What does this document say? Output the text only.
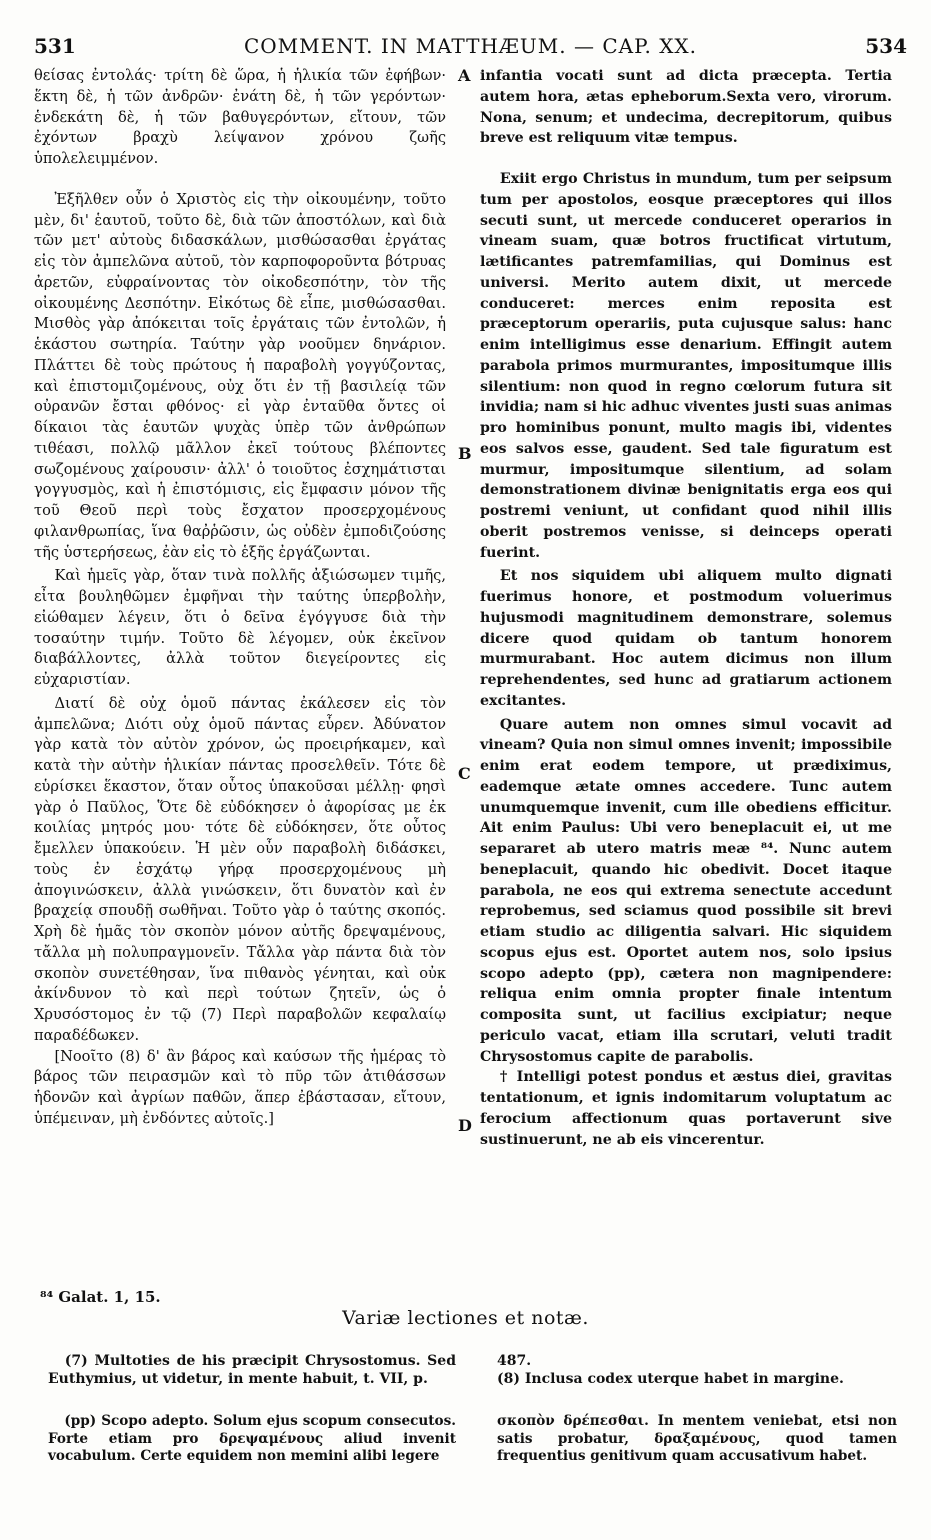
531	COMMENT. IN MATTHÆUM. — CAP. XX.	534

θείσας ἐντολάς· τρίτη δὲ ὥρα, ἡ ἡλικία τῶν ἐφήβων· ἕκτη δὲ, ἡ τῶν ἀνδρῶν· ἐνάτη δὲ, ἡ τῶν γερόντων· ἑνδεκάτη δὲ, ἡ τῶν βαθυγερόντων, εἴτουν, τῶν ἐχόντων βραχὺ λείψανον χρόνου ζωῆς ὑπολελειμμένον.

Ἐξῆλθεν οὖν ὁ Χριστὸς εἰς τὴν οἰκουμένην, τοῦτο μὲν, δι' ἑαυτοῦ, τοῦτο δὲ, διὰ τῶν ἀποστόλων, καὶ διὰ τῶν μετ' αὐτοὺς διδασκάλων, μισθώσασθαι ἐργάτας εἰς τὸν ἀμπελῶνα αὐτοῦ, τὸν καρποφοροῦντα βότρυας ἀρετῶν, εὐφραίνοντας τὸν οἰκοδεσπότην, τὸν τῆς οἰκουμένης Δεσπότην. Εἰκότως δὲ εἶπε, μισθώσασθαι. Μισθὸς γὰρ ἀπόκειται τοῖς ἐργάταις τῶν ἐντολῶν, ἡ ἑκάστου σωτηρία. Ταύτην γὰρ νοοῦμεν δηνάριον. Πλάττει δὲ τοὺς πρώτους ἡ παραβολὴ γογγύζοντας, καὶ ἐπιστομιζομένους, οὐχ ὅτι ἐν τῇ βασιλείᾳ τῶν οὐρανῶν ἔσται φθόνος· εἰ γὰρ ἐνταῦθα ὄντες οἱ δίκαιοι τὰς ἑαυτῶν ψυχὰς ὑπὲρ τῶν ἀνθρώπων τιθέασι, πολλῷ μᾶλλον ἐκεῖ τούτους βλέποντες σωζομένους χαίρουσιν· ἀλλ' ὁ τοιοῦτος ἐσχημάτισται γογγυσμὸς, καὶ ἡ ἐπιστόμισις, εἰς ἔμφασιν μόνον τῆς τοῦ Θεοῦ περὶ τοὺς ἔσχατον προσερχομένους φιλανθρωπίας, ἵνα θαῤῥῶσιν, ὡς οὐδὲν ἐμποδιζούσης τῆς ὑστερήσεως, ἐὰν εἰς τὸ ἑξῆς ἐργάζωνται.

Καὶ ἡμεῖς γὰρ, ὅταν τινὰ πολλῆς ἀξιώσωμεν τιμῆς, εἶτα βουληθῶμεν ἐμφῆναι τὴν ταύτης ὑπερβολὴν, εἰώθαμεν λέγειν, ὅτι ὁ δεῖνα ἐγόγγυσε διὰ τὴν τοσαύτην τιμήν. Τοῦτο δὲ λέγομεν, οὐκ ἐκεῖνον διαβάλλοντες, ἀλλὰ τοῦτον διεγείροντες εἰς εὐχαριστίαν.

Διατί δὲ οὐχ ὁμοῦ πάντας ἐκάλεσεν εἰς τὸν ἀμπελῶνα; Διότι οὐχ ὁμοῦ πάντας εὗρεν. Ἀδύνατον γὰρ κατὰ τὸν αὐτὸν χρόνον, ὡς προειρήκαμεν, καὶ κατὰ τὴν αὐτὴν ἡλικίαν πάντας προσελθεῖν. Τότε δὲ εὑρίσκει ἕκαστον, ὅταν οὗτος ὑπακοῦσαι μέλλῃ· φησὶ γὰρ ὁ Παῦλος, Ὅτε δὲ εὐδόκησεν ὁ ἀφορίσας με ἐκ κοιλίας μητρός μου· τότε δὲ εὐδόκησεν, ὅτε οὗτος ἔμελλεν ὑπακούειν. Ἡ μὲν οὖν παραβολὴ διδάσκει, τοὺς ἐν ἐσχάτῳ γήρᾳ προσερχομένους μὴ ἀπογινώσκειν, ἀλλὰ γινώσκειν, ὅτι δυνατὸν καὶ ἐν βραχείᾳ σπουδῇ σωθῆναι. Τοῦτο γὰρ ὁ ταύτης σκοπός. Χρὴ δὲ ἡμᾶς τὸν σκοπὸν μόνον αὐτῆς δρεψαμένους, τἄλλα μὴ πολυπραγμονεῖν. Τἄλλα γὰρ πάντα διὰ τὸν σκοπὸν συνετέθησαν, ἵνα πιθανὸς γένηται, καὶ οὐκ ἀκίνδυνον τὸ καὶ περὶ τούτων ζητεῖν, ὡς ὁ Χρυσόστομος ἐν τῷ (7) Περὶ παραβολῶν κεφαλαίῳ παραδέδωκεν.

[Νοοῖτο (8) δ' ἂν βάρος καὶ καύσων τῆς ἡμέρας τὸ βάρος τῶν πειρασμῶν καὶ τὸ πῦρ τῶν ἀτιθάσσων ἡδονῶν καὶ ἀγρίων παθῶν, ἅπερ ἐβάστασαν, εἴτουν, ὑπέμειναν, μὴ ἐνδόντες αὐτοῖς.]

infantia vocati sunt ad dicta præcepta. Tertia autem hora, ætas epheborum.Sexta vero, virorum. Nona, senum; et undecima, decrepitorum, quibus breve est reliquum vitæ tempus.

Exiit ergo Christus in mundum, tum per seipsum tum per apostolos, eosque præceptores qui illos secuti sunt, ut mercede conduceret operarios in vineam suam, quæ botros fructificat virtutum, lætificantes patremfamilias, qui Dominus est universi. Merito autem dixit, ut mercede conduceret: merces enim reposita est præceptorum operariis, puta cujusque salus: hanc enim intelligimus esse denarium. Effingit autem parabola primos murmurantes, impositumque illis silentium: non quod in regno cœlorum futura sit invidia; nam si hic adhuc viventes justi suas animas pro hominibus ponunt, multo magis ibi, videntes eos salvos esse, gaudent. Sed tale figuratum est murmur, impositumque silentium, ad solam demonstrationem divinæ benignitatis erga eos qui postremi veniunt, ut confidant quod nihil illis oberit postremos venisse, si deinceps operati fuerint.

Et nos siquidem ubi aliquem multo dignati fuerimus honore, et postmodum voluerimus hujusmodi magnitudinem demonstrare, solemus dicere quod quidam ob tantum honorem murmurabant. Hoc autem dicimus non illum reprehendentes, sed hunc ad gratiarum actionem excitantes.

Quare autem non omnes simul vocavit ad vineam? Quia non simul omnes invenit; impossibile enim erat eodem tempore, ut prædiximus, eademque ætate omnes accedere. Tunc autem unumquemque invenit, cum ille obediens efficitur. Ait enim Paulus: Ubi vero beneplacuit ei, ut me separaret ab utero matris meæ ⁸⁴. Nunc autem beneplacuit, quando hic obedivit. Docet itaque parabola, ne eos qui extrema senectute accedunt reprobemus, sed sciamus quod possibile sit brevi etiam studio ac diligentia salvari. Hic siquidem scopus ejus est. Oportet autem nos, solo ipsius scopo adepto (pp), cætera non magnipendere: reliqua enim omnia propter finale intentum composita sunt, ut facilius excipiatur; neque periculo vacat, etiam illa scrutari, veluti tradit Chrysostomus capite de parabolis.

† Intelligi potest pondus et æstus diei, gravitas tentationum, et ignis indomitarum voluptatum ac ferocium affectionum quas portaverunt sive sustinuerunt, ne ab eis vincerentur.

A
B
C
D
⁸⁴ Galat. 1, 15.
Variæ lectiones et notæ.

(7) Multoties de his præcipit Chrysostomus. Sed Euthymius, ut videtur, in mente habuit, t. VII, p.

487.

(8) Inclusa codex uterque habet in margine.

(pp) Scopo adepto. Solum ejus scopum consecutos. Forte etiam pro δρεψαμένους aliud invenit vocabulum. Certe equidem non memini alibi legere

σκοπὸν δρέπεσθαι. In mentem veniebat, etsi non satis probatur, δραξαμένους, quod tamen frequentius genitivum quam accusativum habet.
